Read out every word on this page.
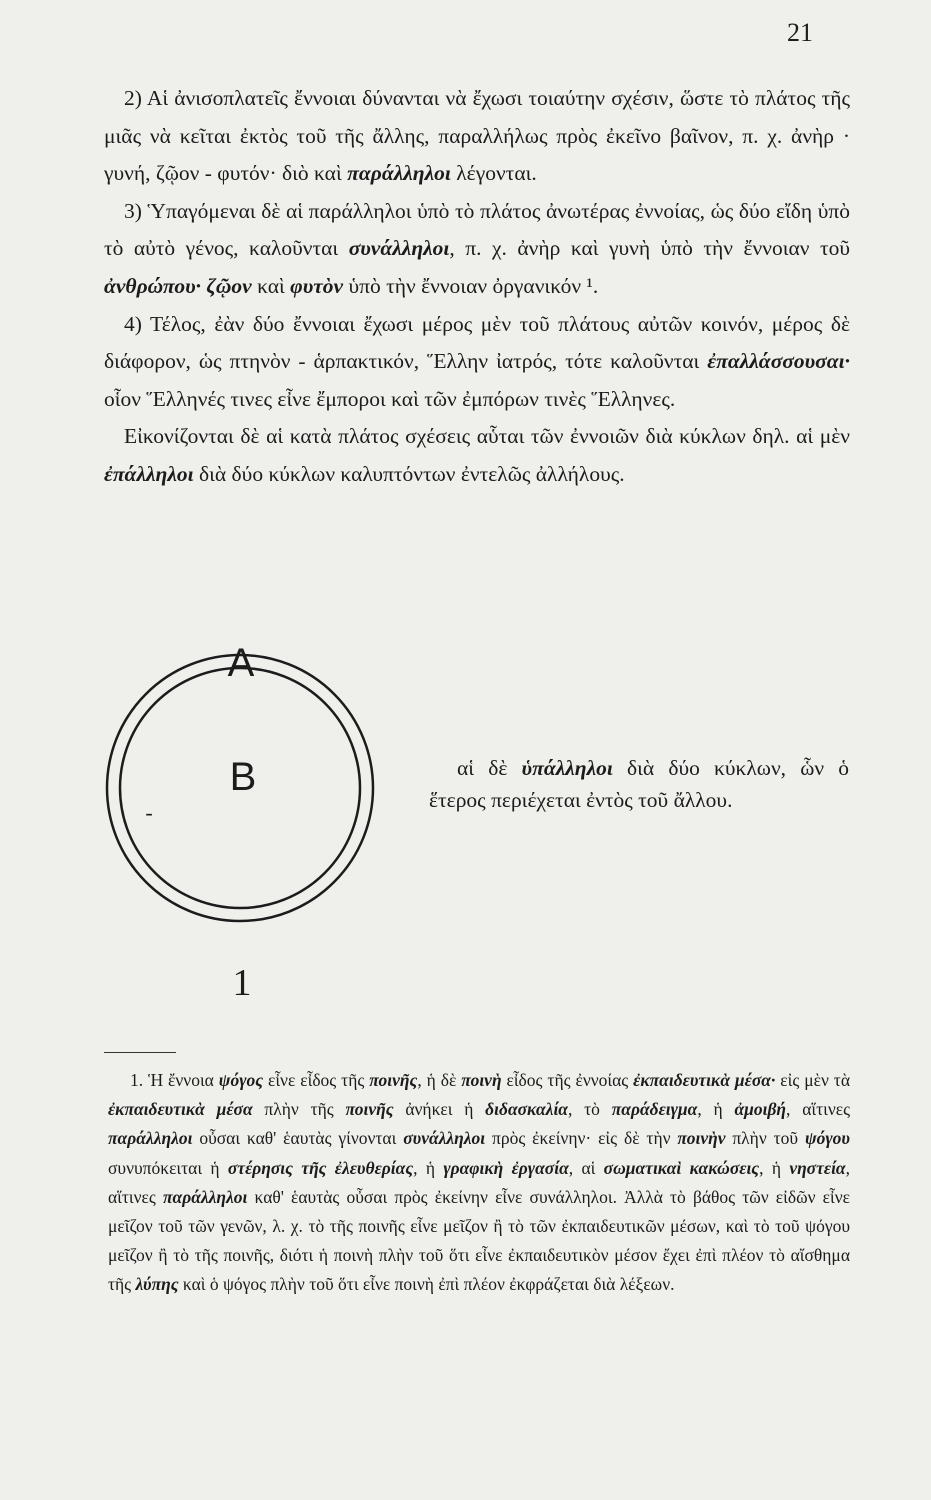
21

2) Αἱ ἀνισοπλατεῖς ἔννοιαι δύνανται νὰ ἔχωσι τοιαύτην σχέσιν, ὥστε τὸ πλάτος τῆς μιᾶς νὰ κεῖται ἐκτὸς τοῦ τῆς ἄλλης, παραλλήλως πρὸς ἐκεῖνο βαῖνον, π. χ. ἀνὴρ · γυνή, ζῷον - φυτόν· διὸ καὶ παράλληλοι λέγονται.

3) Ὑπαγόμεναι δὲ αἱ παράλληλοι ὑπὸ τὸ πλάτος ἀνωτέρας ἐννοίας, ὡς δύο εἴδη ὑπὸ τὸ αὐτὸ γένος, καλοῦνται συνάλληλοι, π. χ. ἀνὴρ καὶ γυνὴ ὑπὸ τὴν ἔννοιαν τοῦ ἀνθρώπου· ζῷον καὶ φυτὸν ὑπὸ τὴν ἔννοιαν ὀργανικόν ¹.

4) Τέλος, ἐὰν δύο ἔννοιαι ἔχωσι μέρος μὲν τοῦ πλάτους αὐτῶν κοινόν, μέρος δὲ διάφορον, ὡς πτηνὸν - ἁρπακτικόν, Ἕλλην ἰατρός, τότε καλοῦνται ἐπαλλάσσουσαι· οἷον Ἕλληνές τινες εἶνε ἔμποροι καὶ τῶν ἐμπόρων τινὲς Ἕλληνες.

Εἰκονίζονται δὲ αἱ κατὰ πλάτος σχέσεις αὗται τῶν ἐννοιῶν διὰ κύκλων δηλ. αἱ μὲν ἐπάλληλοι διὰ δύο κύκλων καλυπτόντων ἐντελῶς ἀλλήλους.

A
B
-
1

αἱ δὲ ὑπάλληλοι διὰ δύο κύκλων, ὧν ὁ ἕτερος περιέχεται ἐντὸς τοῦ ἄλλου.

1. Ἡ ἔννοια ψόγος εἶνε εἶδος τῆς ποινῆς, ἡ δὲ ποινὴ εἶδος τῆς ἐννοίας ἐκπαιδευτικὰ μέσα· εἰς μὲν τὰ ἐκπαιδευτικὰ μέσα πλὴν τῆς ποινῆς ἀνήκει ἡ διδασκαλία, τὸ παράδειγμα, ἡ ἀμοιβή, αἵτινες παράλληλοι οὖσαι καθ' ἑαυτὰς γίνονται συνάλληλοι πρὸς ἐκείνην· εἰς δὲ τὴν ποινὴν πλὴν τοῦ ψόγου συνυπόκειται ἡ στέρησις τῆς ἐλευθερίας, ἡ γραφικὴ ἐργασία, αἱ σωματικαὶ κακώσεις, ἡ νηστεία, αἵτινες παράλληλοι καθ' ἑαυτὰς οὖσαι πρὸς ἐκείνην εἶνε συνάλληλοι. Ἀλλὰ τὸ βάθος τῶν εἰδῶν εἶνε μεῖζον τοῦ τῶν γενῶν, λ. χ. τὸ τῆς ποινῆς εἶνε μεῖζον ἢ τὸ τῶν ἐκπαιδευτικῶν μέσων, καὶ τὸ τοῦ ψόγου μεῖζον ἢ τὸ τῆς ποινῆς, διότι ἡ ποινὴ πλὴν τοῦ ὅτι εἶνε ἐκπαιδευτικὸν μέσον ἔχει ἐπὶ πλέον τὸ αἴσθημα τῆς λύπης καὶ ὁ ψόγος πλὴν τοῦ ὅτι εἶνε ποινὴ ἐπὶ πλέον ἐκφράζεται διὰ λέξεων.
